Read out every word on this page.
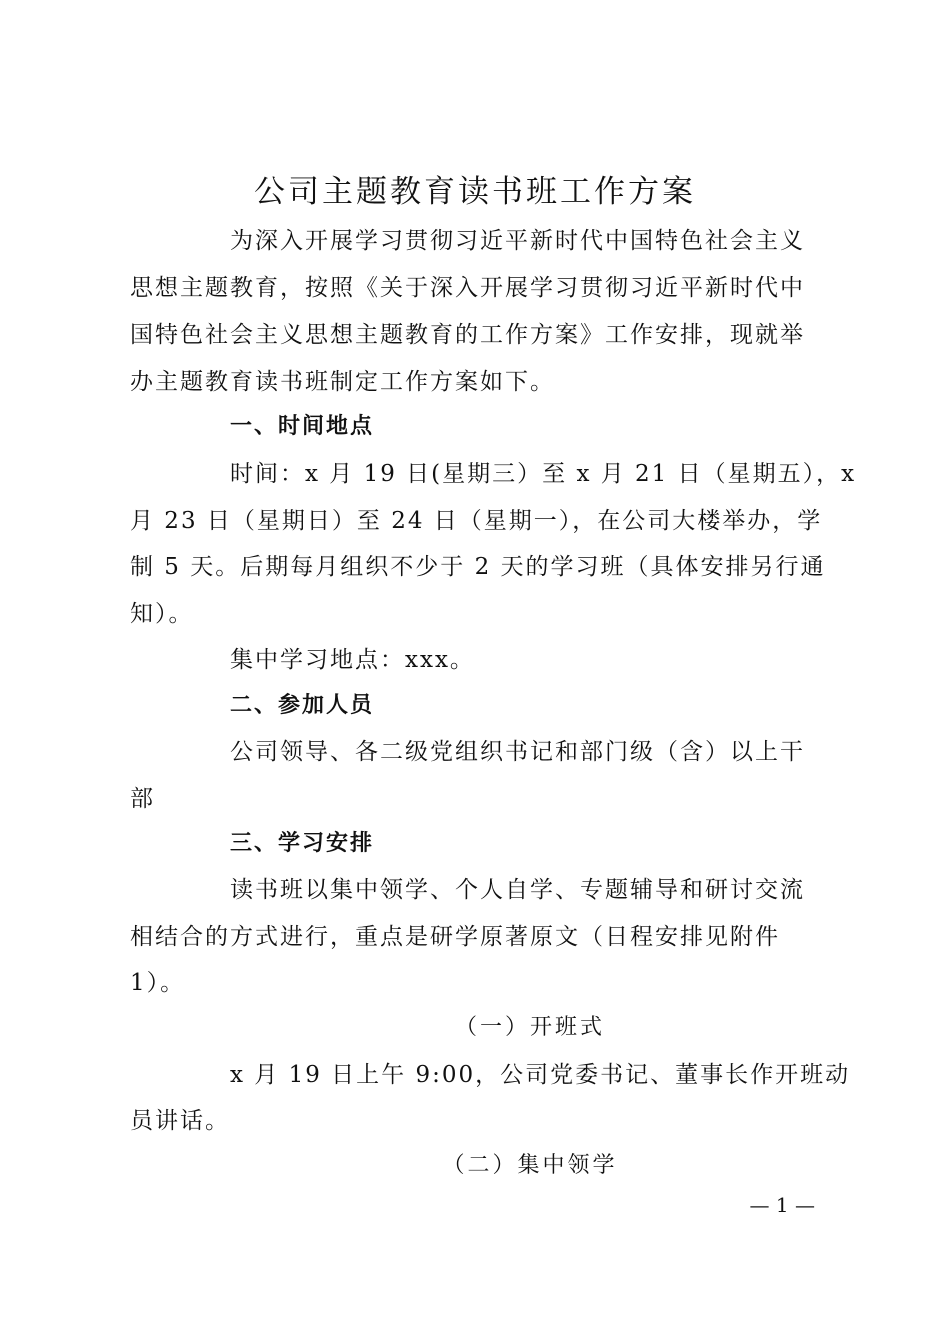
公司主题教育读书班工作方案
为深入开展学习贯彻习近平新时代中国特色社会主义
思想主题教育，按照《关于深入开展学习贯彻习近平新时代中
国特色社会主义思想主题教育的工作方案》工作安排，现就举
办主题教育读书班制定工作方案如下。
一、时间地点
时间：x 月 19 日(星期三）至 x 月 21 日（星期五），x
月 23 日（星期日）至 24 日（星期一），在公司大楼举办，学
制 5 天。后期每月组织不少于 2 天的学习班（具体安排另行通
知）。
集中学习地点：xxx。
二、参加人员
公司领导、各二级党组织书记和部门级（含）以上干
部
三、学习安排
读书班以集中领学、个人自学、专题辅导和研讨交流
相结合的方式进行，重点是研学原著原文（日程安排见附件
1）。
（一）开班式
x 月 19 日上午 9:00，公司党委书记、董事长作开班动
员讲话。
（二）集中领学
— 1 —
